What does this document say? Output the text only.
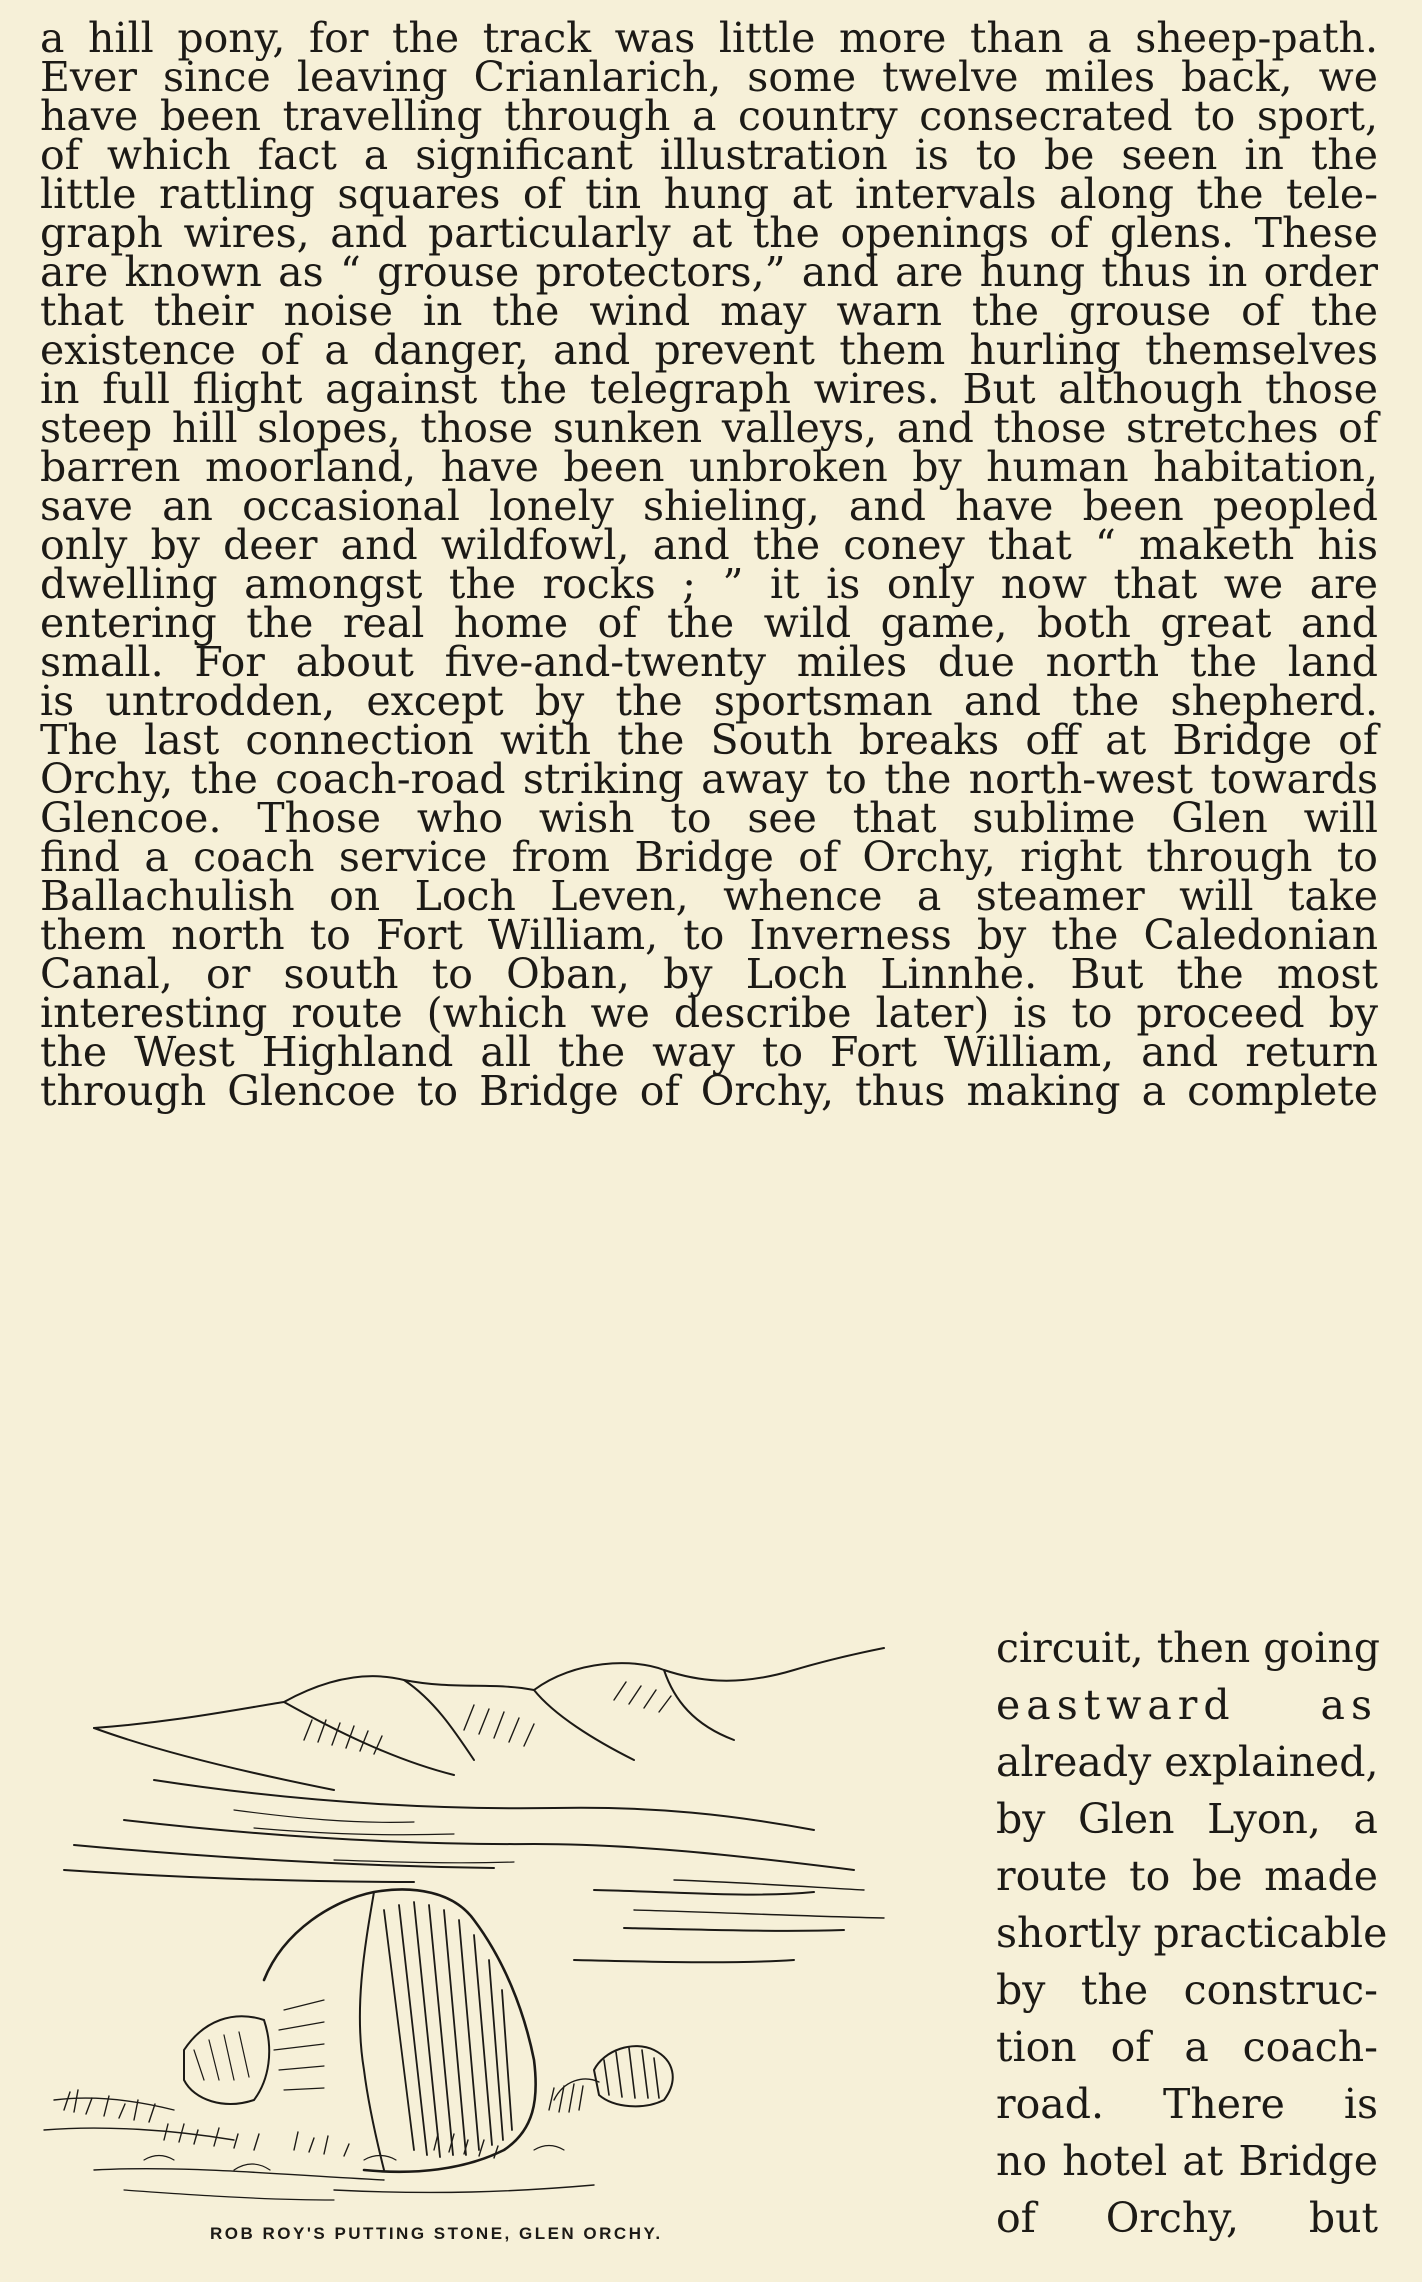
a hill pony, for the track was little more than a sheep-path.
Ever since leaving Crianlarich, some twelve miles back, we
have been travelling through a country consecrated to sport,
of which fact a significant illustration is to be seen in the
little rattling squares of tin hung at intervals along the tele-
graph wires, and particularly at the openings of glens. These
are known as “ grouse protectors,” and are hung thus in order
that their noise in the wind may warn the grouse of the
existence of a danger, and prevent them hurling themselves
in full flight against the telegraph wires. But although those
steep hill slopes, those sunken valleys, and those stretches of
barren moorland, have been unbroken by human habitation,
save an occasional lonely shieling, and have been peopled
only by deer and wildfowl, and the coney that “ maketh his
dwelling amongst the rocks ; ” it is only now that we are
entering the real home of the wild game, both great and
small. For about five-and-twenty miles due north the land
is untrodden, except by the sportsman and the shepherd.
The last connection with the South breaks off at Bridge of
Orchy, the coach-road striking away to the north-west towards
Glencoe. Those who wish to see that sublime Glen will
find a coach service from Bridge of Orchy, right through to
Ballachulish on Loch Leven, whence a steamer will take
them north to Fort William, to Inverness by the Caledonian
Canal, or south to Oban, by Loch Linnhe. But the most
interesting route (which we describe later) is to proceed by
the West Highland all the way to Fort William, and return
through Glencoe to Bridge of Orchy, thus making a complete
circuit, then going
eastward as
already explained,
by Glen Lyon, a
route to be made
shortly practicable
by the construc-
tion of a coach-
road. There is
no hotel at Bridge
of Orchy, but
ROB ROY'S PUTTING STONE, GLEN ORCHY.
